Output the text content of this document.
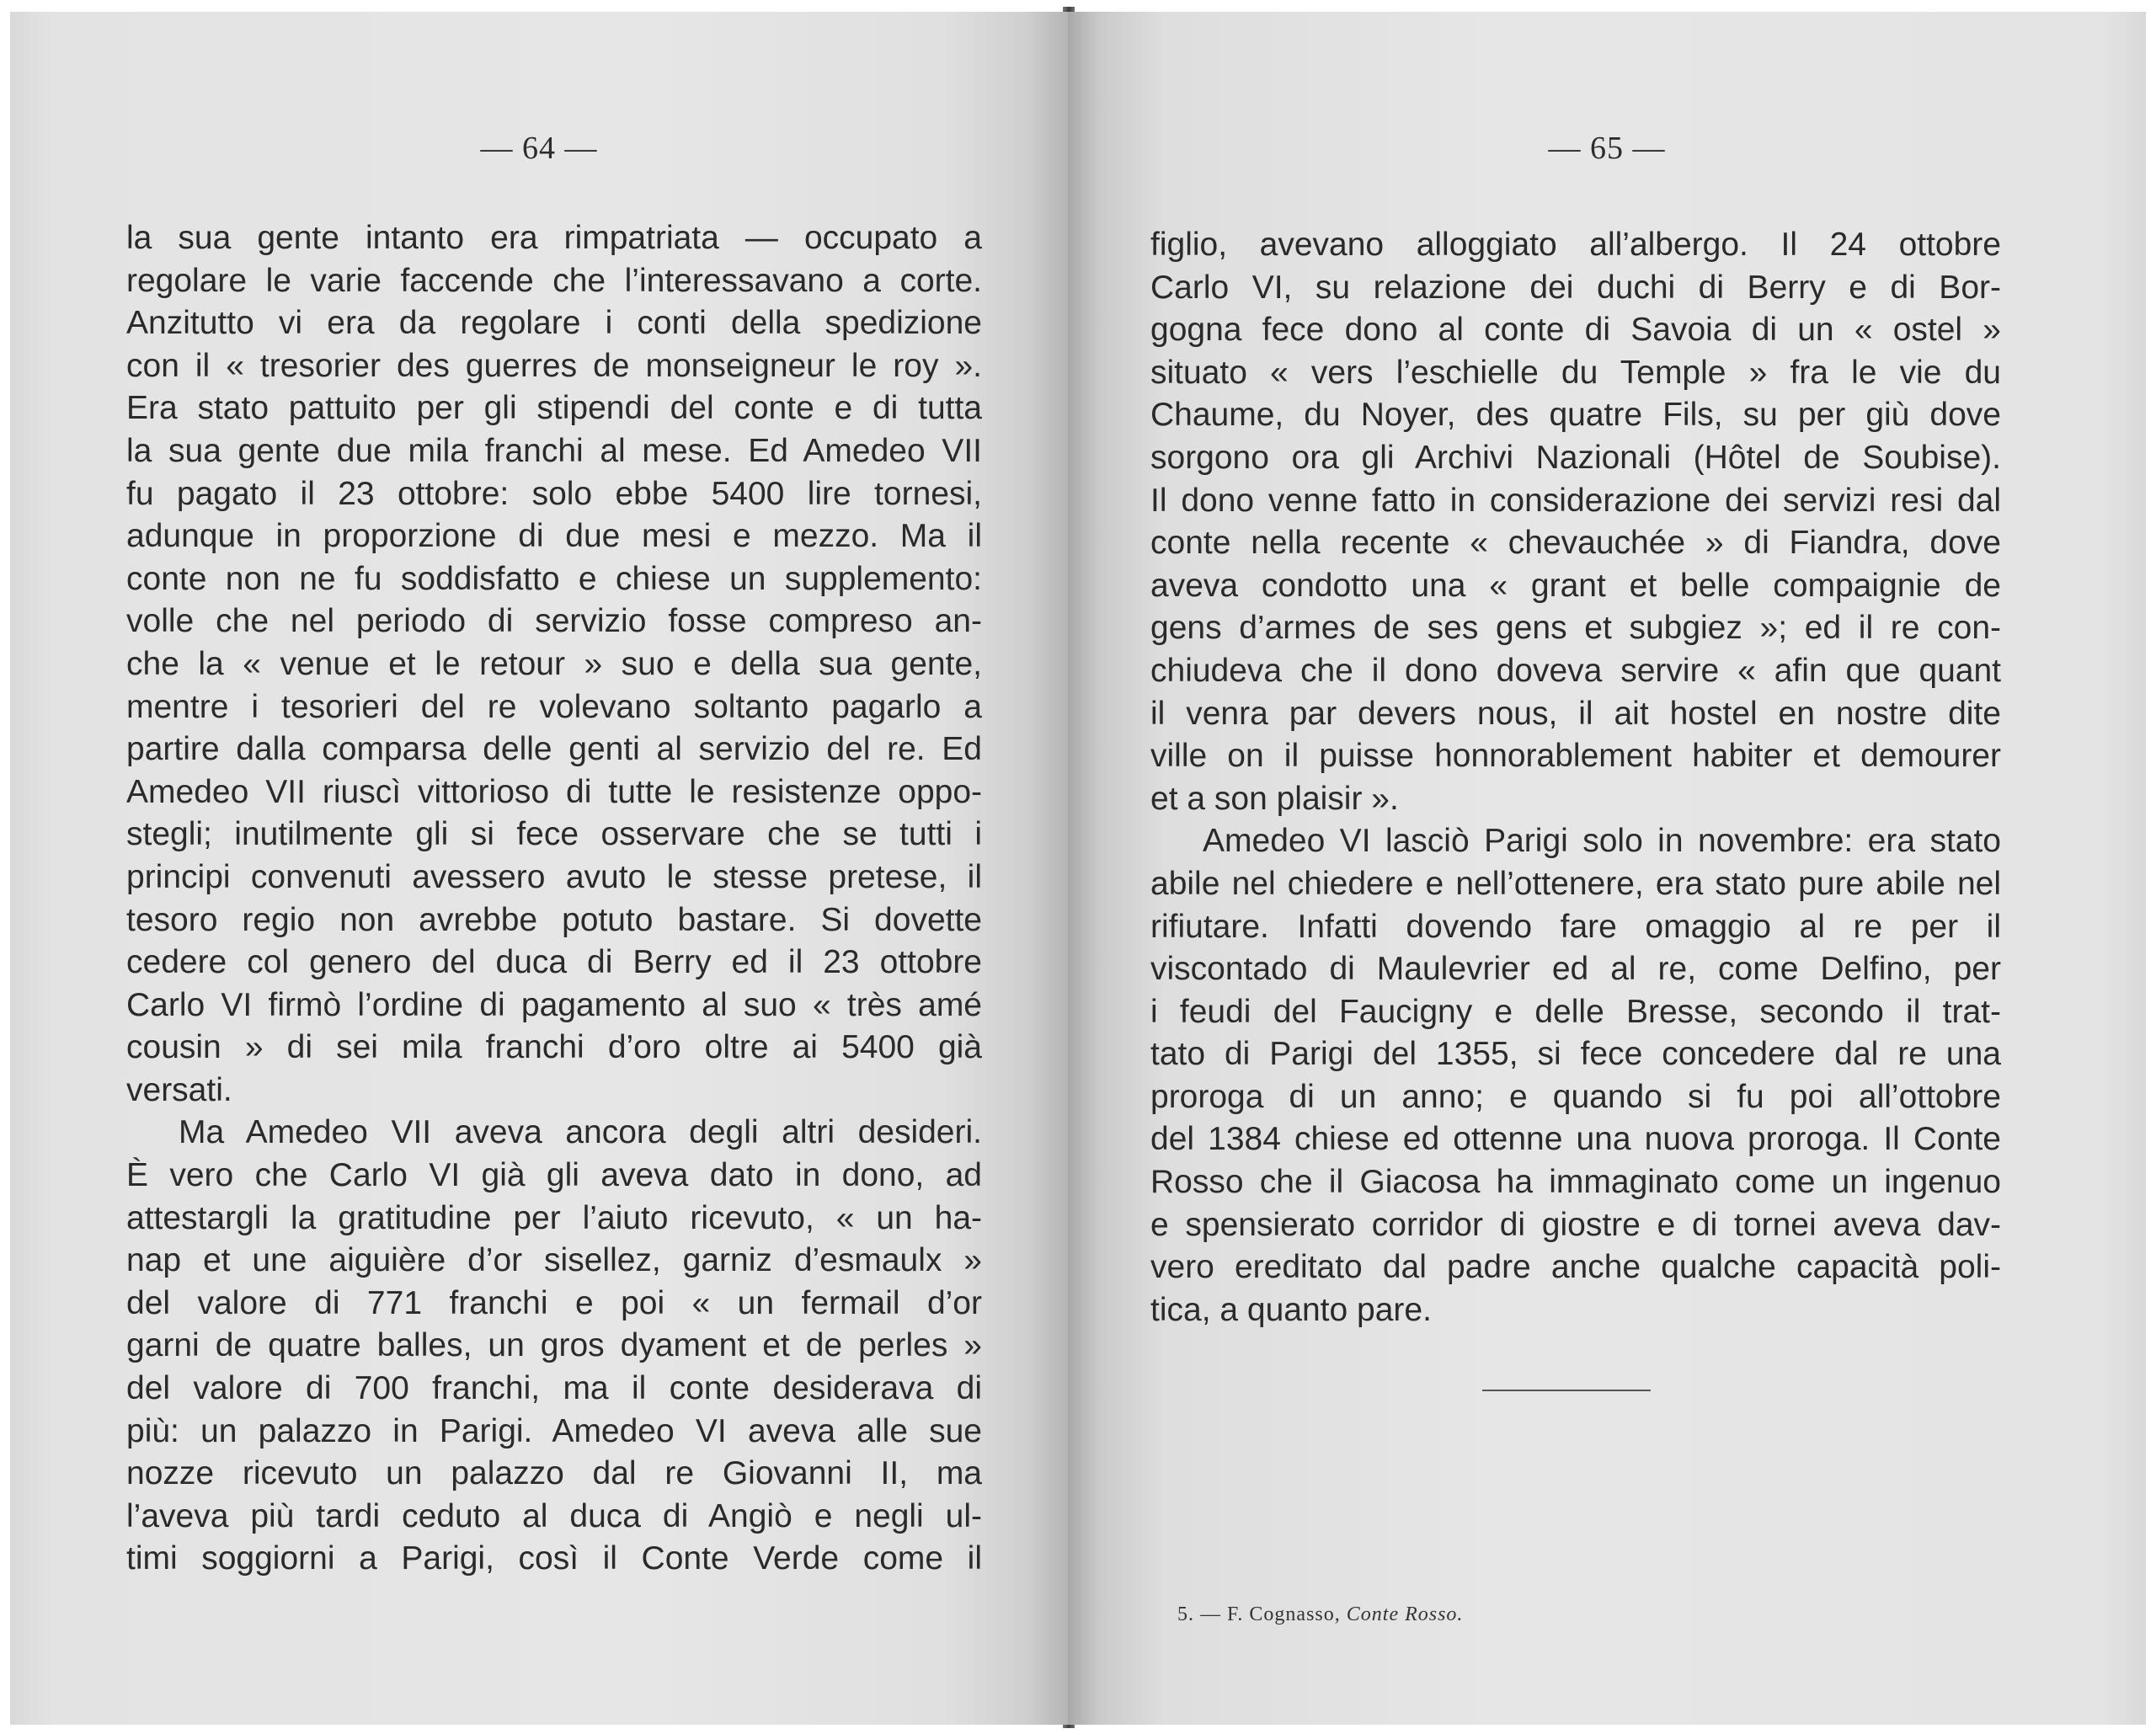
— 64 —
la sua gente intanto era rimpatriata — occupato a
regolare le varie faccende che l’interessavano a corte.
Anzitutto vi era da regolare i conti della spedizione
con il « tresorier des guerres de monseigneur le roy ».
Era stato pattuito per gli stipendi del conte e di tutta
la sua gente due mila franchi al mese. Ed Amedeo VII
fu pagato il 23 ottobre: solo ebbe 5400 lire tornesi,
adunque in proporzione di due mesi e mezzo. Ma il
conte non ne fu soddisfatto e chiese un supplemento:
volle che nel periodo di servizio fosse compreso an-
che la « venue et le retour » suo e della sua gente,
mentre i tesorieri del re volevano soltanto pagarlo a
partire dalla comparsa delle genti al servizio del re. Ed
Amedeo VII riuscì vittorioso di tutte le resistenze oppo-
stegli; inutilmente gli si fece osservare che se tutti i
principi convenuti avessero avuto le stesse pretese, il
tesoro regio non avrebbe potuto bastare. Si dovette
cedere col genero del duca di Berry ed il 23 ottobre
Carlo VI firmò l’ordine di pagamento al suo « très amé
cousin » di sei mila franchi d’oro oltre ai 5400 già
versati.
Ma Amedeo VII aveva ancora degli altri desideri.
È vero che Carlo VI già gli aveva dato in dono, ad
attestargli la gratitudine per l’aiuto ricevuto, « un ha-
nap et une aiguière d’or sisellez, garniz d’esmaulx »
del valore di 771 franchi e poi « un fermail d’or
garni de quatre balles, un gros dyament et de perles »
del valore di 700 franchi, ma il conte desiderava di
più: un palazzo in Parigi. Amedeo VI aveva alle sue
nozze ricevuto un palazzo dal re Giovanni II, ma
l’aveva più tardi ceduto al duca di Angiò e negli ul-
timi soggiorni a Parigi, così il Conte Verde come il
— 65 —
figlio, avevano alloggiato all’albergo. Il 24 ottobre
Carlo VI, su relazione dei duchi di Berry e di Bor-
gogna fece dono al conte di Savoia di un « ostel »
situato « vers l’eschielle du Temple » fra le vie du
Chaume, du Noyer, des quatre Fils, su per giù dove
sorgono ora gli Archivi Nazionali (Hôtel de Soubise).
Il dono venne fatto in considerazione dei servizi resi dal
conte nella recente « chevauchée » di Fiandra, dove
aveva condotto una « grant et belle compaignie de
gens d’armes de ses gens et subgiez »; ed il re con-
chiudeva che il dono doveva servire « afin que quant
il venra par devers nous, il ait hostel en nostre dite
ville on il puisse honnorablement habiter et demourer
et a son plaisir ».
Amedeo VI lasciò Parigi solo in novembre: era stato
abile nel chiedere e nell’ottenere, era stato pure abile nel
rifiutare. Infatti dovendo fare omaggio al re per il
viscontado di Maulevrier ed al re, come Delfino, per
i feudi del Faucigny e delle Bresse, secondo il trat-
tato di Parigi del 1355, si fece concedere dal re una
proroga di un anno; e quando si fu poi all’ottobre
del 1384 chiese ed ottenne una nuova proroga. Il Conte
Rosso che il Giacosa ha immaginato come un ingenuo
e spensierato corridor di giostre e di tornei aveva dav-
vero ereditato dal padre anche qualche capacità poli-
tica, a quanto pare.
5. — F. Cognasso, Conte Rosso.
